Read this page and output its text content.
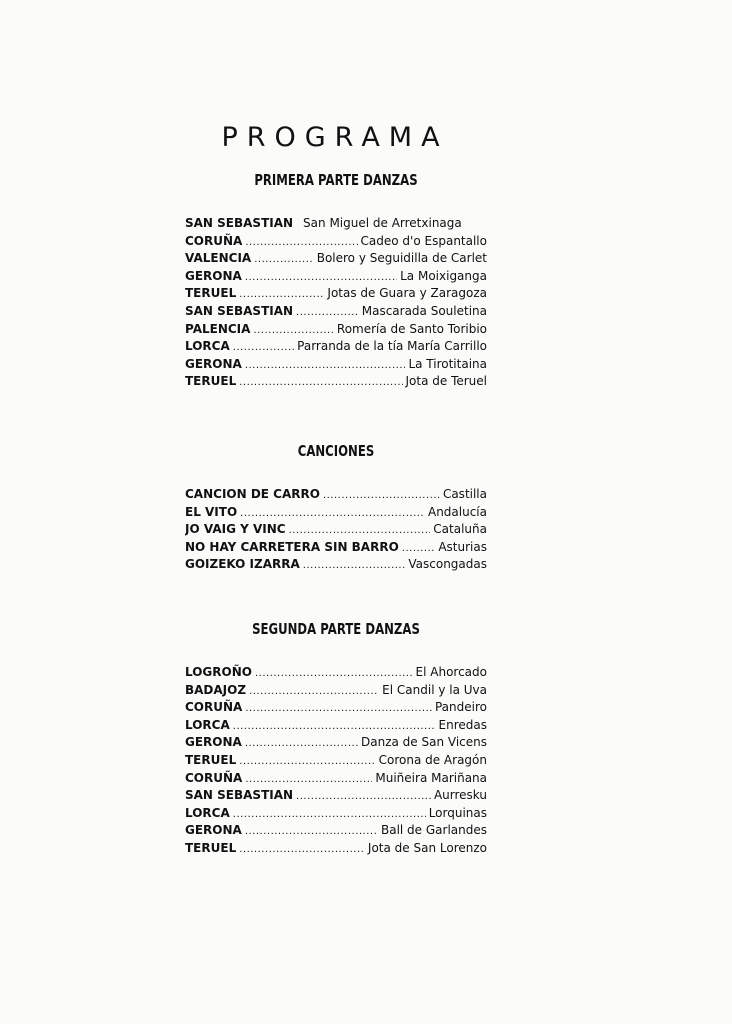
PROGRAMA
PRIMERA PARTE DANZAS
SAN SEBASTIAN San Miguel de Arretxinaga
CORUÑA .....	Cadeo d'o Espantallo
VALENCIA .....	Bolero y Seguidilla de Carlet
GERONA .....	La Moixiganga
TERUEL .....	Jotas de Guara y Zaragoza
SAN SEBASTIAN .....	Mascarada Souletina
PALENCIA .....	Romería de Santo Toribio
LORCA .....	Parranda de la tía María Carrillo
GERONA .....	La Tirotitaina
TERUEL .....	Jota de Teruel
CANCIONES
CANCION DE CARRO .....	Castilla
EL VITO .....	Andalucía
JO VAIG Y VINC .....	Cataluña
NO HAY CARRETERA SIN BARRO .....	Asturias
GOIZEKO IZARRA .....	Vascongadas
SEGUNDA PARTE DANZAS
LOGROÑO .....	El Ahorcado
BADAJOZ .....	El Candil y la Uva
CORUÑA .....	Pandeiro
LORCA .....	Enredas
GERONA .....	Danza de San Vicens
TERUEL .....	Corona de Aragón
CORUÑA .....	Muiñeira Mariñana
SAN SEBASTIAN .....	Aurresku
LORCA .....	Lorquinas
GERONA .....	Ball de Garlandes
TERUEL .....	Jota de San Lorenzo
